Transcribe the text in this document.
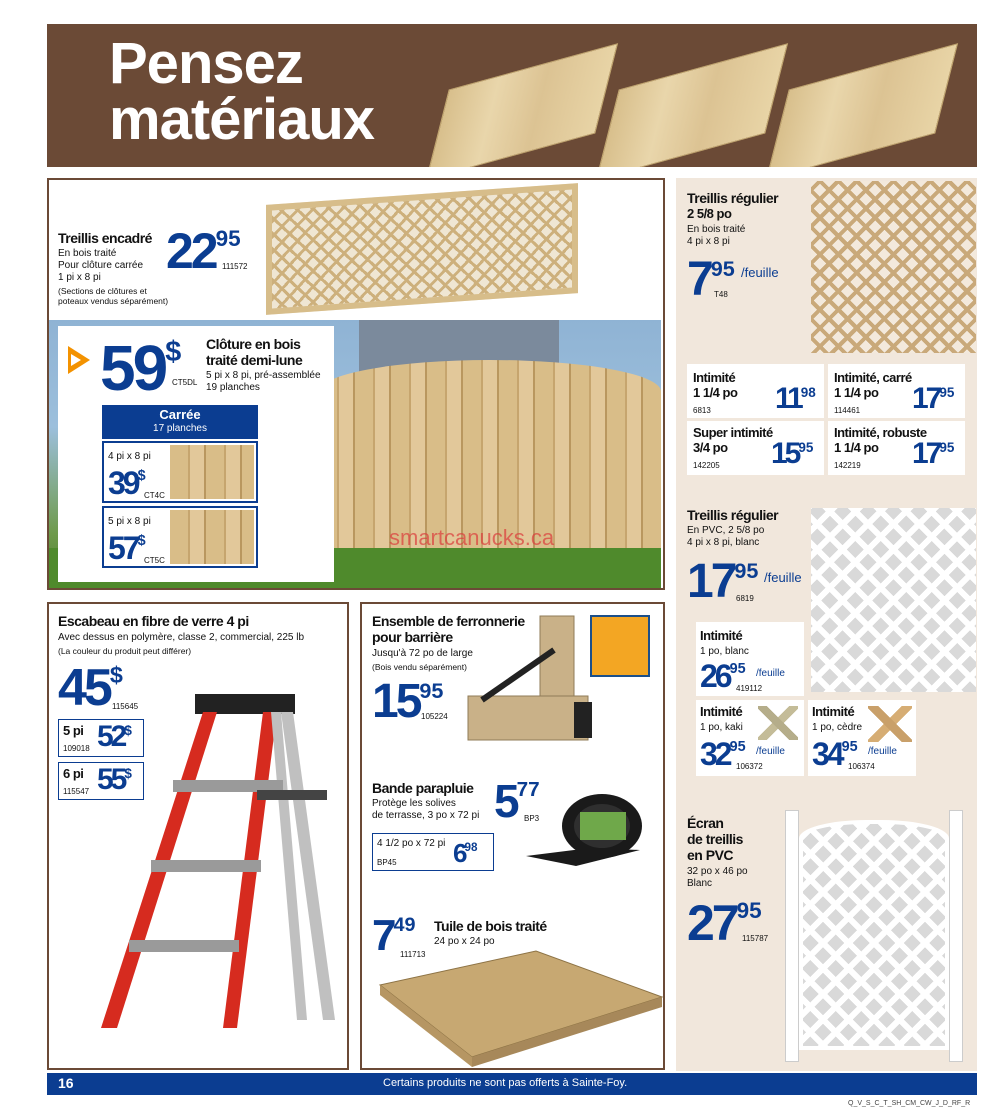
Pensez
matériaux
Treillis encadré
En bois traité
Pour clôture carrée
1 pi x 8 pi
(Sections de clôtures et
poteaux vendus séparément)
$22^{95}$
111572
smartcanucks.ca
59$
CT5DL
Clôture en bois
traité demi-lune
5 pi x 8 pi, pré-assemblée
19 planches
Carrée
17 planches
4 pi x 8 pi
39$
CT4C
5 pi x 8 pi
57$
CT5C
Treillis régulier
2 5/8 po
En bois traité
4 pi x 8 pi
$7^{95}$ /feuille
T48
Intimité
1 1/4 po
6813 $11^{98}$
Intimité, carré
1 1/4 po
114461 $17^{95}$
Super intimité
3/4 po
142205 $15^{95}$
Intimité, robuste
1 1/4 po
142219 $17^{95}$
Treillis régulier
En PVC, 2 5/8 po
4 pi x 8 pi, blanc
$17^{95}$ /feuille
6819
Intimité
1 po, blanc
$26^{95}$ /feuille
419112
Intimité
1 po, kaki
$32^{95}$ /feuille
106372
Intimité
1 po, cèdre
$34^{95}$ /feuille
106374
Écran
de treillis
en PVC
32 po x 46 po
Blanc
$27^{95}$
115787
Escabeau en fibre de verre 4 pi
Avec dessus en polymère, classe 2, commercial, 225 lb
(La couleur du produit peut différer)
45$
115645
5 pi
109018 52$
6 pi
115547 55$
Ensemble de ferronnerie
pour barrière
Jusqu'à 72 po de large
(Bois vendu séparément)
$15^{95}$
105224
Bande parapluie
Protège les solives
de terrasse, 3 po x 72 pi $5^{77}$
BP3
4 1/2 po x 72 pi
BP45 $6^{98}$
$7^{49}$
111713
Tuile de bois traité
24 po x 24 po
16	Certains produits ne sont pas offerts à Sainte-Foy.
Q_V_S_C_T_SH_CM_CW_J_D_RF_R
